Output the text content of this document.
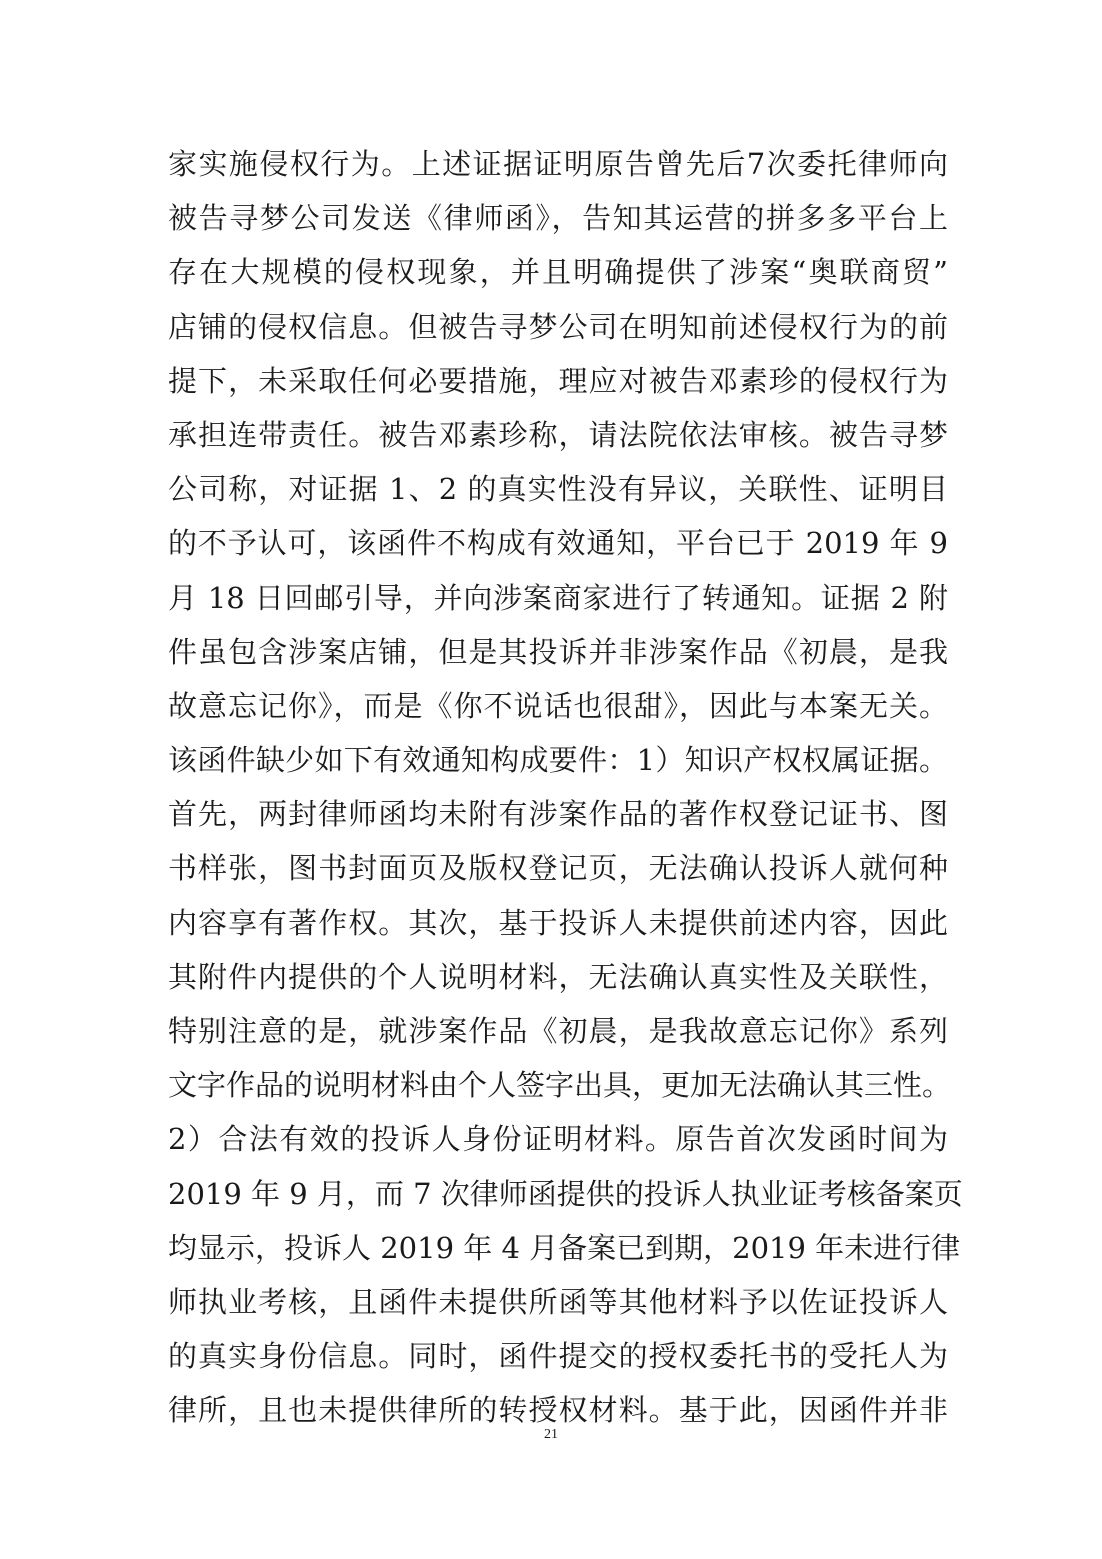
家实施侵权行为。上述证据证明原告曾先后7次委托律师向
被告寻梦公司发送《律师函》，告知其运营的拼多多平台上
存在大规模的侵权现象，并且明确提供了涉案“奥联商贸”
店铺的侵权信息。但被告寻梦公司在明知前述侵权行为的前
提下，未采取任何必要措施，理应对被告邓素珍的侵权行为
承担连带责任。被告邓素珍称，请法院依法审核。被告寻梦
公司称，对证据 1、2 的真实性没有异议，关联性、证明目
的不予认可，该函件不构成有效通知，平台已于 2019 年 9
月 18 日回邮引导，并向涉案商家进行了转通知。证据 2 附
件虽包含涉案店铺，但是其投诉并非涉案作品《初晨，是我
故意忘记你》，而是《你不说话也很甜》，因此与本案无关。
该函件缺少如下有效通知构成要件：1）知识产权权属证据。
首先，两封律师函均未附有涉案作品的著作权登记证书、图
书样张，图书封面页及版权登记页，无法确认投诉人就何种
内容享有著作权。其次，基于投诉人未提供前述内容，因此
其附件内提供的个人说明材料，无法确认真实性及关联性，
特别注意的是，就涉案作品《初晨，是我故意忘记你》系列
文字作品的说明材料由个人签字出具，更加无法确认其三性。
2）合法有效的投诉人身份证明材料。原告首次发函时间为
2019 年 9 月，而 7 次律师函提供的投诉人执业证考核备案页
均显示，投诉人 2019 年 4 月备案已到期，2019 年未进行律
师执业考核，且函件未提供所函等其他材料予以佐证投诉人
的真实身份信息。同时，函件提交的授权委托书的受托人为
律所，且也未提供律所的转授权材料。基于此，因函件并非
21
